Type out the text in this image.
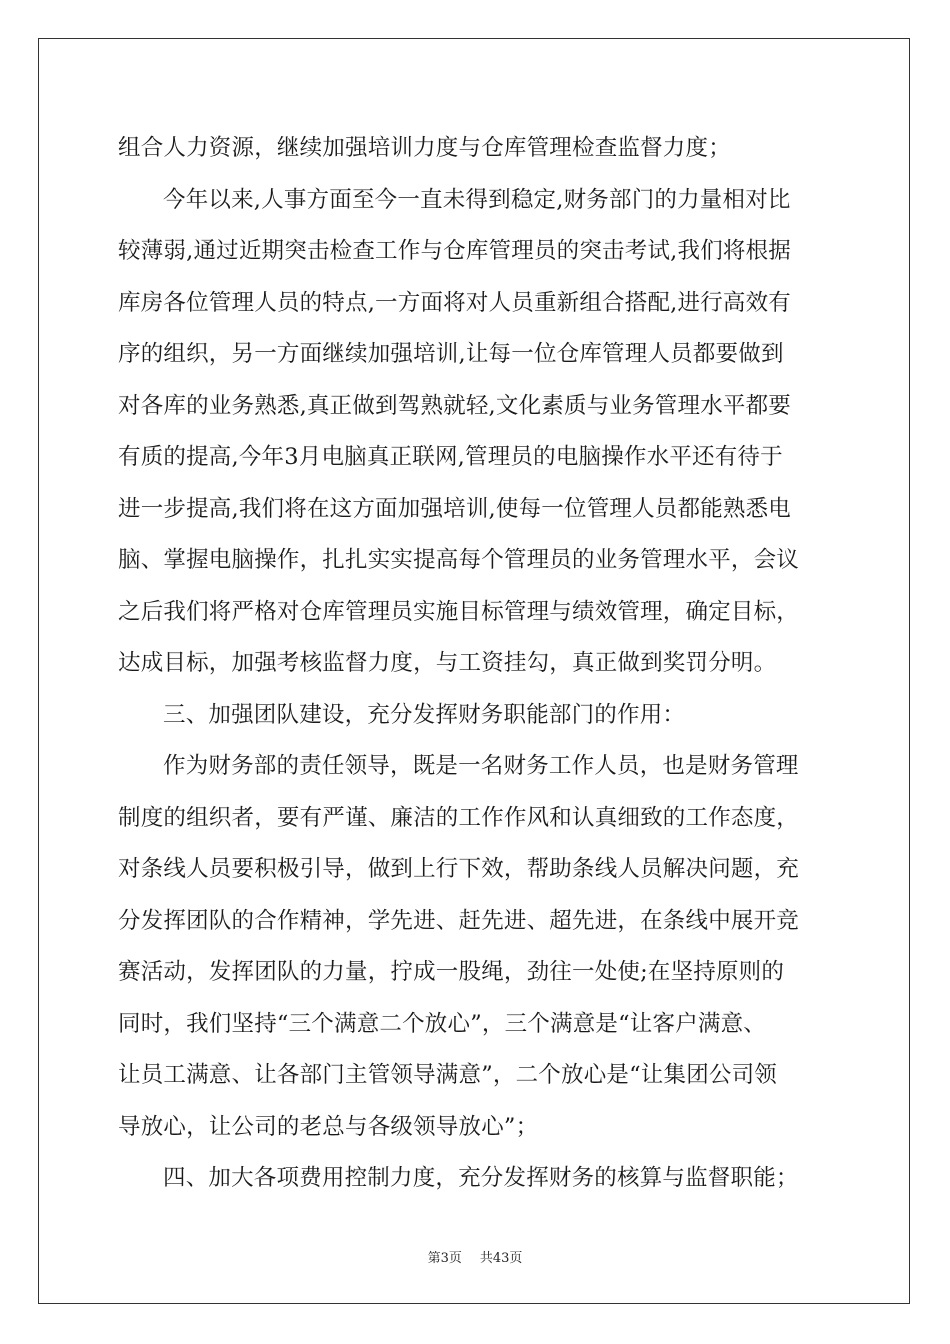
组合人力资源，继续加强培训力度与仓库管理检查监督力度；
今年以来,人事方面至今一直未得到稳定,财务部门的力量相对比
较薄弱,通过近期突击检查工作与仓库管理员的突击考试,我们将根据
库房各位管理人员的特点,一方面将对人员重新组合搭配,进行高效有
序的组织，另一方面继续加强培训,让每一位仓库管理人员都要做到
对各库的业务熟悉,真正做到驾熟就轻,文化素质与业务管理水平都要
有质的提高,今年3月电脑真正联网,管理员的电脑操作水平还有待于
进一步提高,我们将在这方面加强培训,使每一位管理人员都能熟悉电
脑、掌握电脑操作，扎扎实实提高每个管理员的业务管理水平，会议
之后我们将严格对仓库管理员实施目标管理与绩效管理，确定目标，
达成目标，加强考核监督力度，与工资挂勾，真正做到奖罚分明。
三、加强团队建设，充分发挥财务职能部门的作用：
作为财务部的责任领导，既是一名财务工作人员，也是财务管理
制度的组织者，要有严谨、廉洁的工作作风和认真细致的工作态度，
对条线人员要积极引导，做到上行下效，帮助条线人员解决问题，充
分发挥团队的合作精神，学先进、赶先进、超先进，在条线中展开竞
赛活动，发挥团队的力量，拧成一股绳，劲往一处使;在坚持原则的
同时，我们坚持“三个满意二个放心”，三个满意是“让客户满意、
让员工满意、让各部门主管领导满意”，二个放心是“让集团公司领
导放心，让公司的老总与各级领导放心”；
四、加大各项费用控制力度，充分发挥财务的核算与监督职能；
第3页 共43页
